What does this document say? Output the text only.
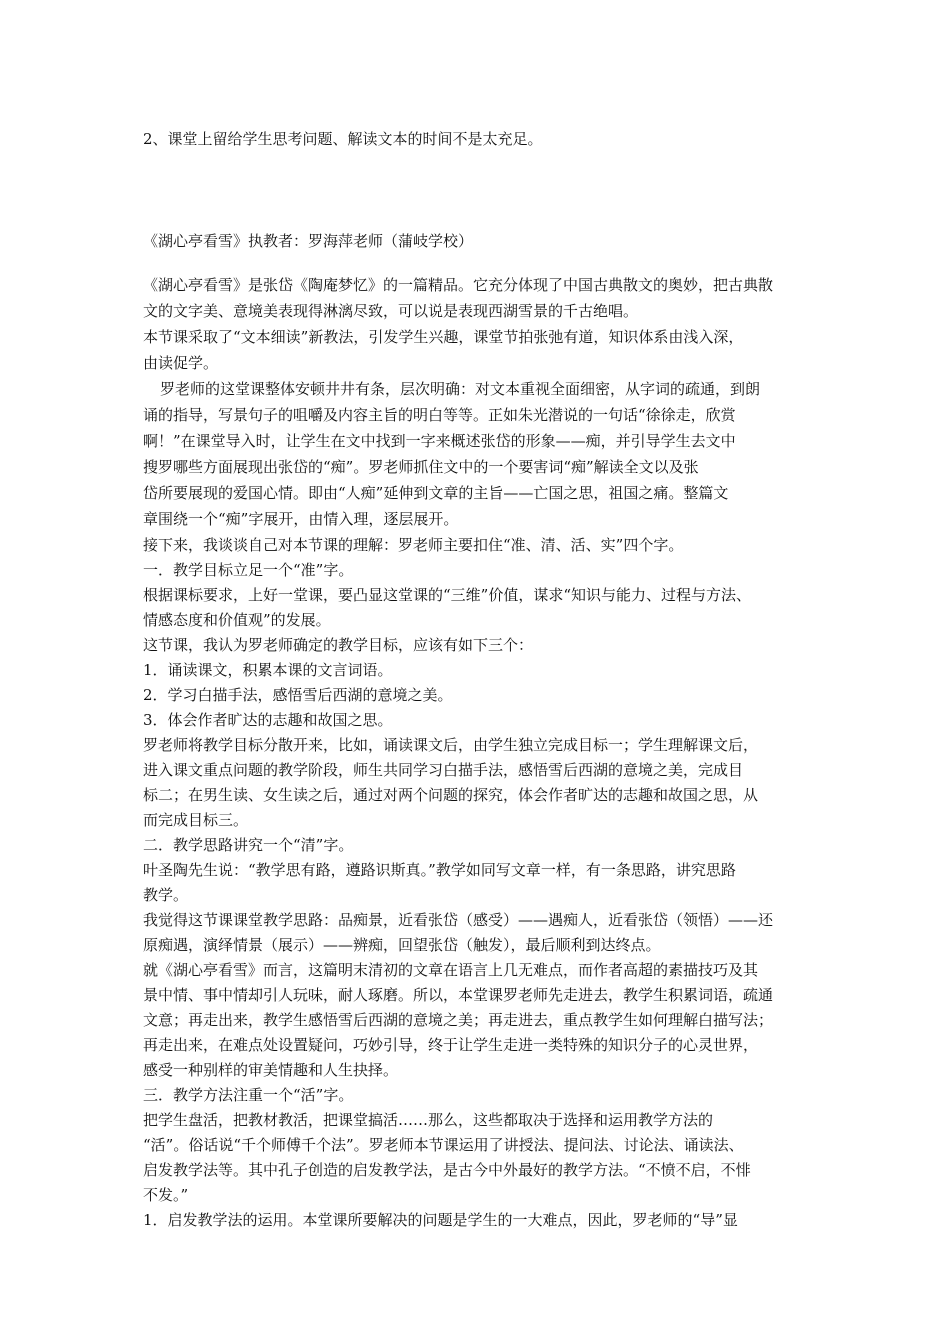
2、课堂上留给学生思考问题、解读文本的时间不是太充足。
《湖心亭看雪》执教者：罗海萍老师（蒲岐学校）
《湖心亭看雪》是张岱《陶庵梦忆》的一篇精品。它充分体现了中国古典散文的奥妙，把古典散
文的文字美、意境美表现得淋漓尽致，可以说是表现西湖雪景的千古绝唱。
本节课采取了“文本细读”新教法，引发学生兴趣，课堂节拍张弛有道，知识体系由浅入深，
由读促学。
罗老师的这堂课整体安顿井井有条，层次明确：对文本重视全面细密，从字词的疏通，到朗
诵的指导，写景句子的咀嚼及内容主旨的明白等等。正如朱光潜说的一句话“徐徐走，欣赏
啊！”在课堂导入时，让学生在文中找到一字来概述张岱的形象——痴，并引导学生去文中
搜罗哪些方面展现出张岱的“痴”。罗老师抓住文中的一个要害词“痴”解读全文以及张
岱所要展现的爱国心情。即由“人痴”延伸到文章的主旨——亡国之思，祖国之痛。整篇文
章围绕一个“痴”字展开，由情入理，逐层展开。
接下来，我谈谈自己对本节课的理解：罗老师主要扣住“准、清、活、实”四个字。
一．教学目标立足一个“准”字。
根据课标要求，上好一堂课，要凸显这堂课的“三维”价值，谋求“知识与能力、过程与方法、
情感态度和价值观”的发展。
这节课，我认为罗老师确定的教学目标，应该有如下三个：
1．诵读课文，积累本课的文言词语。
2．学习白描手法，感悟雪后西湖的意境之美。
3．体会作者旷达的志趣和故国之思。
罗老师将教学目标分散开来，比如，诵读课文后，由学生独立完成目标一；学生理解课文后，
进入课文重点问题的教学阶段，师生共同学习白描手法，感悟雪后西湖的意境之美，完成目
标二；在男生读、女生读之后，通过对两个问题的探究，体会作者旷达的志趣和故国之思，从
而完成目标三。
二．教学思路讲究一个“清”字。
叶圣陶先生说：“教学思有路，遵路识斯真。”教学如同写文章一样，有一条思路，讲究思路
教学。
我觉得这节课课堂教学思路：品痴景，近看张岱（感受）——遇痴人，近看张岱（领悟）——还
原痴遇，演绎情景（展示）——辨痴，回望张岱（触发），最后顺利到达终点。
就《湖心亭看雪》而言，这篇明末清初的文章在语言上几无难点，而作者高超的素描技巧及其
景中情、事中情却引人玩味，耐人琢磨。所以，本堂课罗老师先走进去，教学生积累词语，疏通
文意；再走出来，教学生感悟雪后西湖的意境之美；再走进去，重点教学生如何理解白描写法；
再走出来，在难点处设置疑问，巧妙引导，终于让学生走进一类特殊的知识分子的心灵世界，
感受一种别样的审美情趣和人生抉择。
三．教学方法注重一个“活”字。
把学生盘活，把教材教活，把课堂搞活……那么，这些都取决于选择和运用教学方法的
“活”。俗话说“千个师傅千个法”。罗老师本节课运用了讲授法、提问法、讨论法、诵读法、
启发教学法等。其中孔子创造的启发教学法，是古今中外最好的教学方法。“不愤不启，不悱
不发。”
1．启发教学法的运用。本堂课所要解决的问题是学生的一大难点，因此，罗老师的“导”显
